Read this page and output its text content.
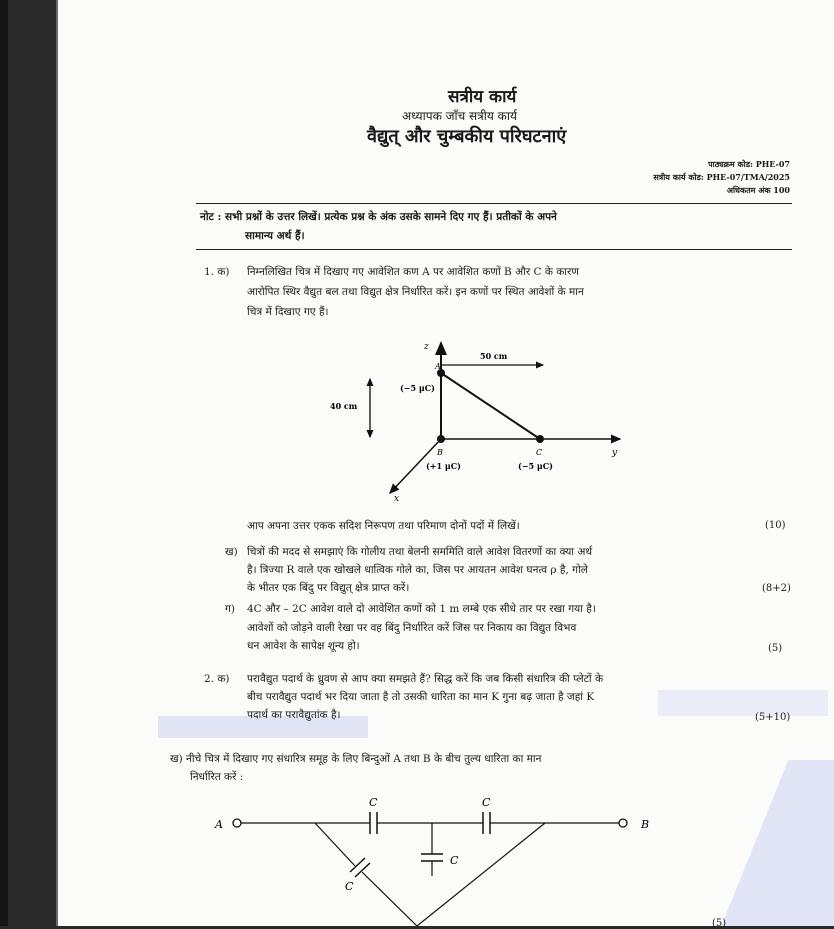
सत्रीय कार्य
अध्यापक जाँच सत्रीय कार्य
वैद्युत् और चुम्बकीय परिघटनाएं
पाठ्यक्रम कोड: PHE-07
सत्रीय कार्य कोड: PHE-07/TMA/2025
अधिकतम अंक 100
नोट : सभी प्रश्नों के उत्तर लिखें। प्रत्येक प्रश्न के अंक उसके सामने दिए गए हैं। प्रतीकों के अपने
सामान्य अर्थ हैं।
1. क) निम्नलिखित चित्र में दिखाए गए आवेशित कण A पर आवेशित कणों B और C के कारण
आरोपित स्थिर वैद्युत बल तथा विद्युत क्षेत्र निर्धारित करें। इन कणों पर स्थित आवेशों के मान
चित्र में दिखाए गए हैं।
z
y
x
50 cm
40 cm
A
(−5 μC)
B
(+1 μC)
C
(−5 μC)
आप अपना उत्तर एकक सदिश निरूपण तथा परिमाण दोनों पदों में लिखें।	(10)
ख) चित्रों की मदद से समझाएं कि गोलीय तथा बेलनी सममिति वाले आवेश वितरणों का क्या अर्थ
है। त्रिज्या R वाले एक खोखले धात्विक गोले का, जिस पर आयतन आवेश घनत्व ρ है, गोले
के भीतर एक बिंदु पर विद्युत् क्षेत्र प्राप्त करें।	(8+2)
ग) 4C और – 2C आवेश वाले दो आवेशित कणों को 1 m लम्बे एक सीधे तार पर रखा गया है।
आवेशों को जोड़ने वाली रेखा पर वह बिंदु निर्धारित करें जिस पर निकाय का विद्युत विभव
धन आवेश के सापेक्ष शून्य हो।	(5)
2. क) परावैद्युत पदार्थ के ध्रुवण से आप क्या समझते हैं? सिद्ध करें कि जब किसी संधारित्र की प्लेटों के
बीच परावैद्युत पदार्थ भर दिया जाता है तो उसकी धारिता का मान K गुना बढ़ जाता है जहां K
पदार्थ का परावैद्युतांक है।	(5+10)
ख) नीचे चित्र में दिखाए गए संधारित्र समूह के लिए बिन्दुओं A तथा B के बीच तुल्य धारिता का मान
निर्धारित करें :
A	B
C	C
C
C
(5)
